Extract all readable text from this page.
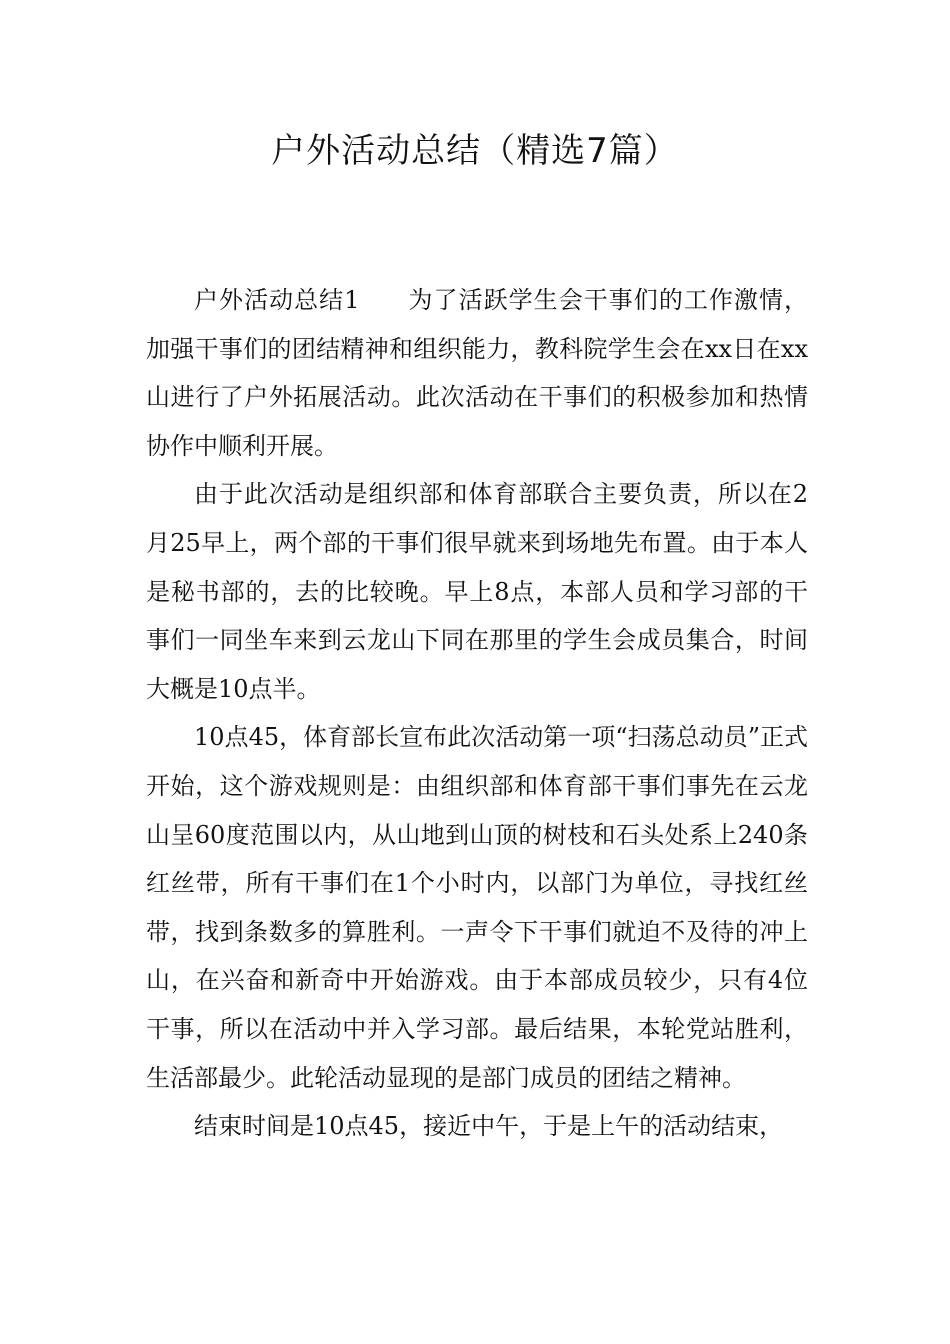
户外活动总结（精选7篇）

户外活动总结1 为了活跃学生会干事们的工作激情，加强干事们的团结精神和组织能力，教科院学生会在xx日在xx山进行了户外拓展活动。此次活动在干事们的积极参加和热情协作中顺利开展。

由于此次活动是组织部和体育部联合主要负责，所以在2月25早上，两个部的干事们很早就来到场地先布置。由于本人是秘书部的，去的比较晚。早上8点，本部人员和学习部的干事们一同坐车来到云龙山下同在那里的学生会成员集合，时间大概是10点半。

10点45，体育部长宣布此次活动第一项“扫荡总动员”正式开始，这个游戏规则是：由组织部和体育部干事们事先在云龙山呈60度范围以内，从山地到山顶的树枝和石头处系上240条红丝带，所有干事们在1个小时内，以部门为单位，寻找红丝带，找到条数多的算胜利。一声令下干事们就迫不及待的冲上山，在兴奋和新奇中开始游戏。由于本部成员较少，只有4位干事，所以在活动中并入学习部。最后结果，本轮党站胜利，生活部最少。此轮活动显现的是部门成员的团结之精神。

结束时间是10点45，接近中午，于是上午的活动结束，
